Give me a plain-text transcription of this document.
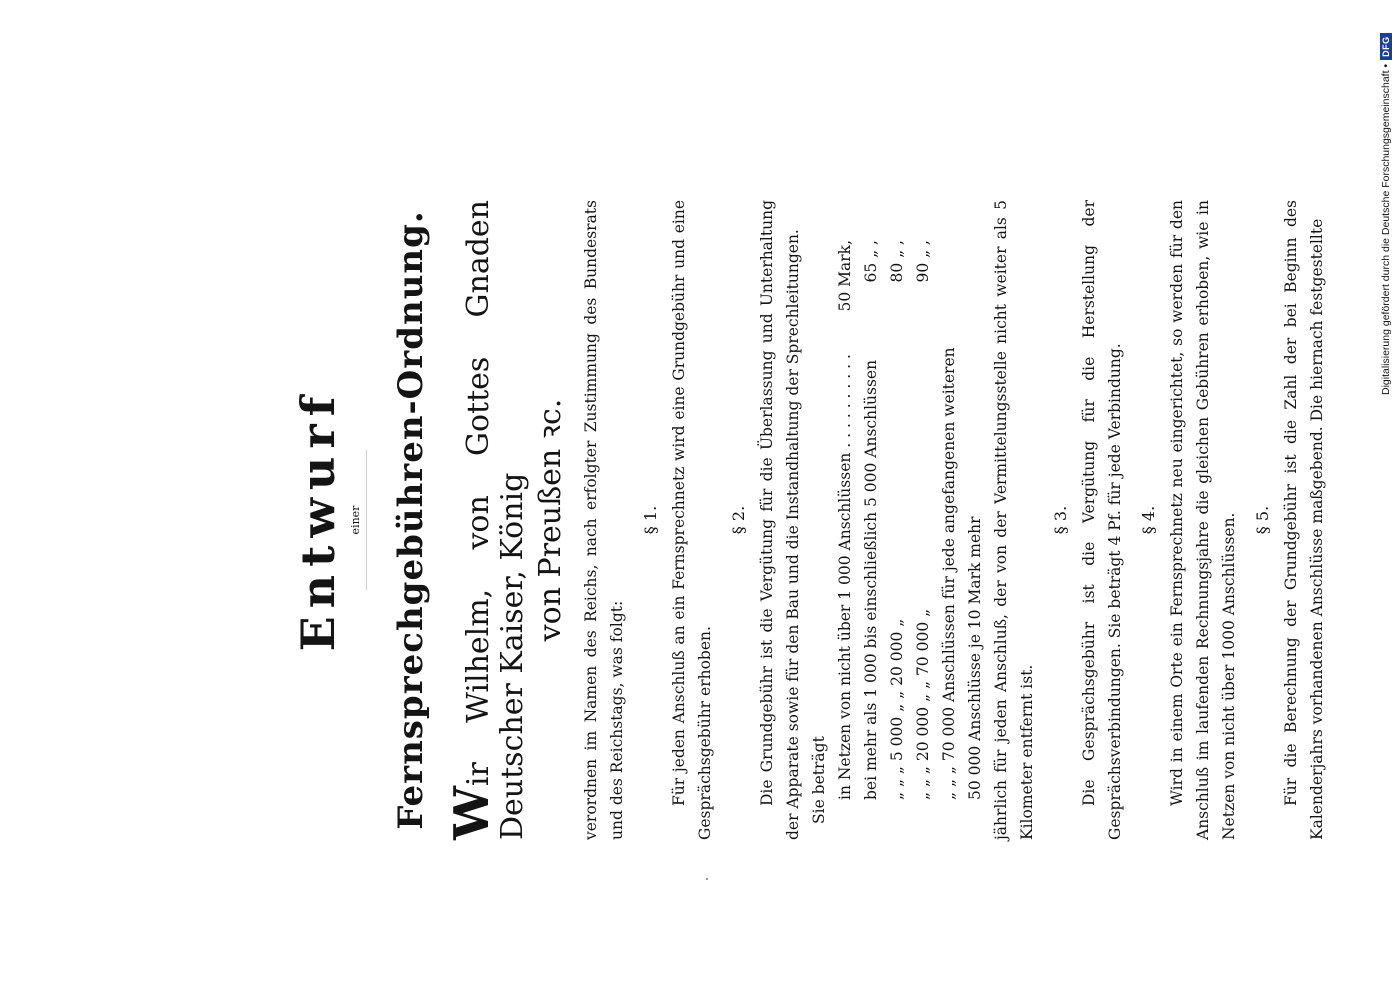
Entwurf einer Fernsprechgebühren-Ordnung. Wir Wilhelm, von Gottes Gnaden Deutscher Kaiser, König von Preußen ꝛc. verordnen im Namen des Reichs, nach erfolgter Zustimmung des Bundesrats und des Reichstags, was folgt:

§ 1. Für jeden Anschluß an ein Fernsprechnetz wird eine Grundgebühr und eine Gesprächsgebühr erhoben.

§ 2. Die Grundgebühr ist die Vergütung für die Überlassung und Unterhaltung der Apparate sowie für den Bau und die Instandhaltung der Sprechleitungen. Sie beträgt in Netzen von nicht über 1 000 Anschlüssen . . . . . . . . . .
50 Mark,
bei mehr als 1 000 bis einschließlich 5 000 Anschlüssen
65 „ ,
„ „ „ 5 000 „ „ 20 000 „
80 „ ,
„ „ „ 20 000 „ „ 70 000 „
90 „ ,
„ „ „ 70 000 Anschlüssen für jede angefangenen weiteren 50 000 Anschlüsse je 10 Mark mehr jährlich für jeden Anschluß, der von der Vermittelungsstelle nicht weiter als 5 Kilometer entfernt ist.

§ 3. Die Gesprächsgebühr ist die Vergütung für die Herstellung der Gesprächsverbindungen. Sie beträgt 4 Pf. für jede Verbindung. § 4. Wird in einem Orte ein Fernsprechnetz neu eingerichtet, so werden für den Anschluß im laufenden Rechnungsjahre die gleichen Gebühren erhoben, wie in Netzen von nicht über 1000 Anschlüssen. § 5. Für die Berechnung der Grundgebühr ist die Zahl der bei Beginn des Kalenderjahrs vorhandenen Anschlüsse maßgebend. Die hiernach festgestellte	Digitalisierung gefördert durch die Deutsche Forschungsgemeinschaft •
DFG
